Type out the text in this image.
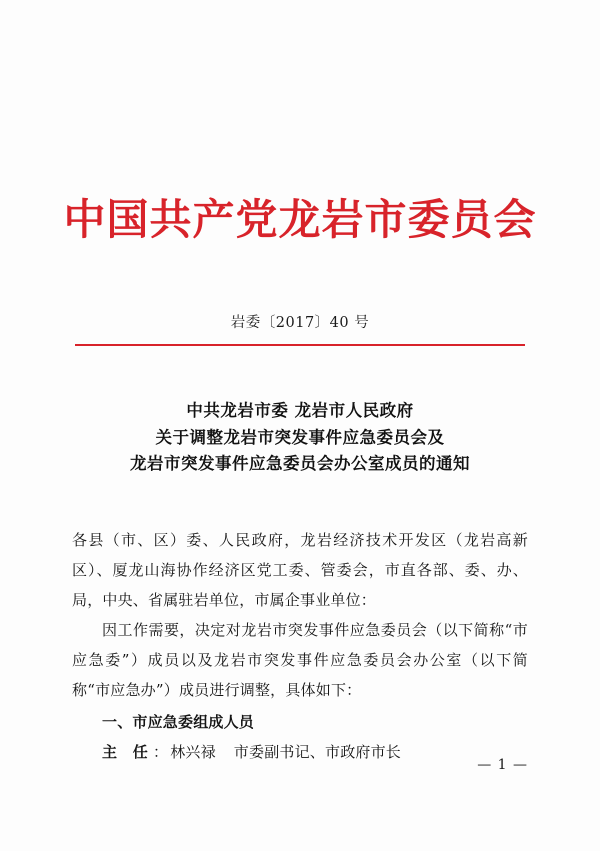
中国共产党龙岩市委员会
岩委〔2017〕40 号
中共龙岩市委 龙岩市人民政府
关于调整龙岩市突发事件应急委员会及
龙岩市突发事件应急委员会办公室成员的通知

各县（市、区）委、人民政府，龙岩经济技术开发区（龙岩高新区）、厦龙山海协作经济区党工委、管委会，市直各部、委、办、局，中央、省属驻岩单位，市属企事业单位：

因工作需要，决定对龙岩市突发事件应急委员会（以下简称“市应急委”）成员以及龙岩市突发事件应急委员会办公室（以下简称“市应急办”）成员进行调整，具体如下：

一、市应急委组成人员

主 任： 林兴禄 市委副书记、市政府市长

— 1 —
